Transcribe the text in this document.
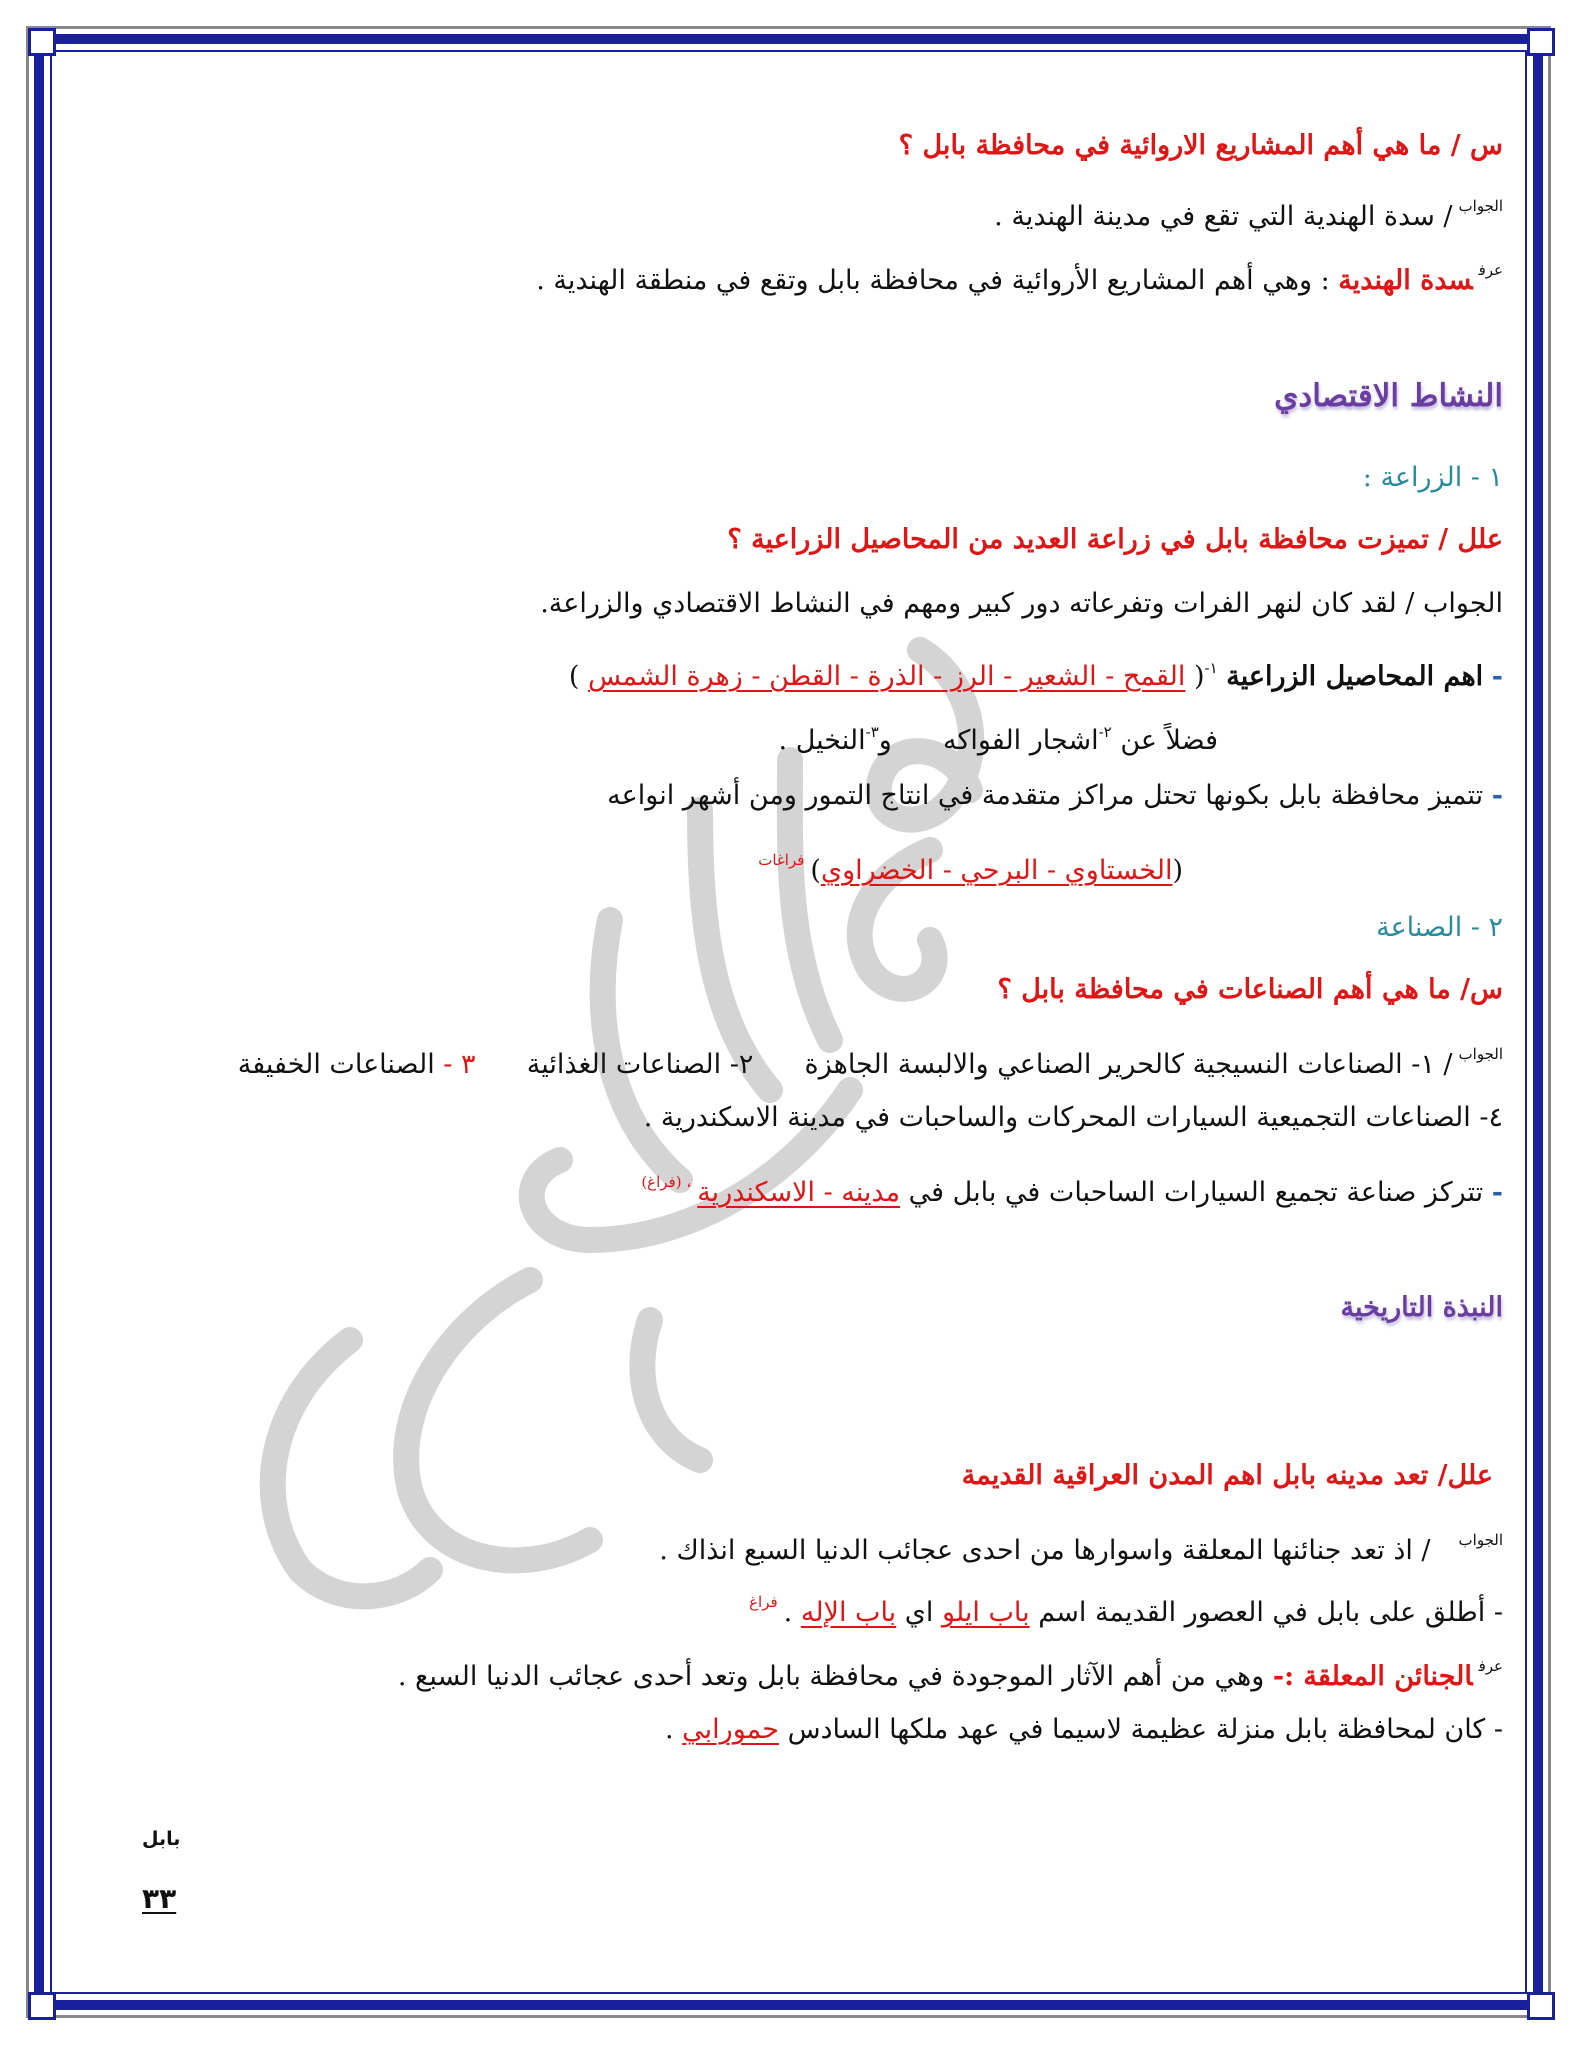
س / ما هي أهم المشاريع الاروائية في محافظة بابل ؟
$^{الجواب}$/ سدة الهندية التي تقع في مدينة الهندية .
$^{عرف}$سدة الهندية : وهي أهم المشاريع الأروائية في محافظة بابل وتقع في منطقة الهندية .
النشاط الاقتصادي
١ - الزراعة :
علل / تميزت محافظة بابل في زراعة العديد من المحاصيل الزراعية ؟
الجواب / لقد كان لنهر الفرات وتفرعاته دور كبير ومهم في النشاط الاقتصادي والزراعة.
- اهم المحاصيل الزراعية $^{١-}$( القمح - الشعير - الرز - الذرة - القطن - زهرة الشمس )
فضلاً عن $^{٢-}$اشجار الفواكه  و$^{٣-}$النخيل .
- تتميز محافظة بابل بكونها تحتل مراكز متقدمة في انتاج التمور ومن أشهر انواعه
(الخستاوي - البرحي - الخضراوي)$^{فراغات}$
٢ - الصناعة
س/ ما هي أهم الصناعات في محافظة بابل ؟
$^{الجواب}$/ ١- الصناعات النسيجية كالحرير الصناعي والالبسة الجاهزة  ٢- الصناعات الغذائية  ٣ - الصناعات الخفيفة
٤- الصناعات التجميعية السيارات المحركات والساحبات في مدينة الاسكندرية .
- تتركز صناعة تجميع السيارات الساحبات في بابل في مدينه - الاسكندرية$^{، (فراغ)}$
النبذة التاريخية
علل/ تعد مدينه بابل اهم المدن العراقية القديمة
$^{الجواب}$/ اذ تعد جنائنها المعلقة واسوارها من احدى عجائب الدنيا السبع انذاك .
- أطلق على بابل في العصور القديمة اسم باب ايلو اي باب الإله .$^{فراغ}$
$^{عرف}$الجنائن المعلقة :- وهي من أهم الآثار الموجودة في محافظة بابل وتعد أحدى عجائب الدنيا السبع .
- كان لمحافظة بابل منزلة عظيمة لاسيما في عهد ملكها السادس حمورابي .
بابل
٣٣
